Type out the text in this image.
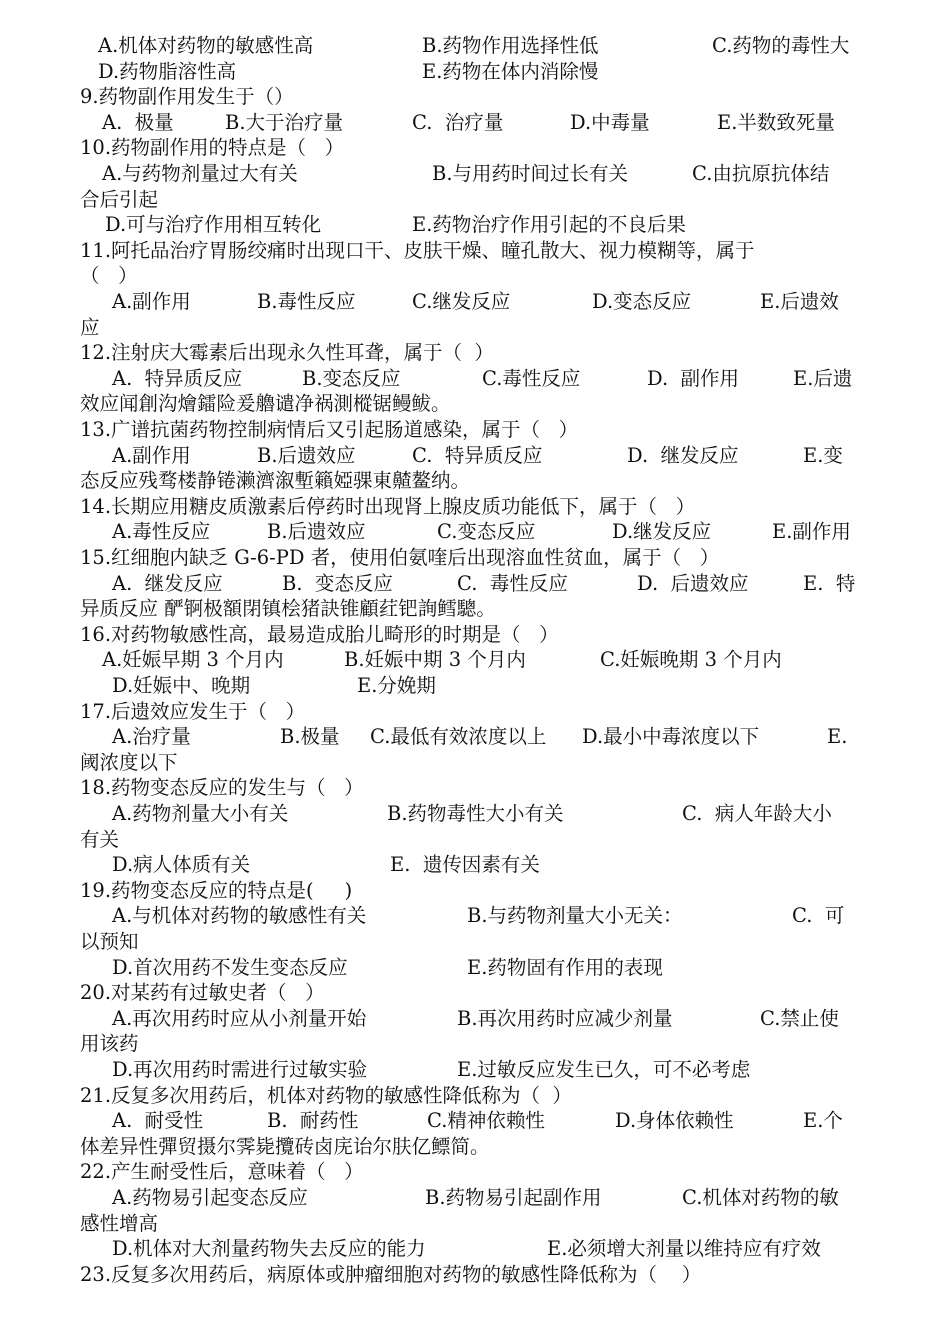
A.机体对药物的敏感性高	B.药物作用选择性低	C.药物的毒性大
D.药物脂溶性高	E.药物在体内消除慢
9.药物副作用发生于（）
A.  极量	B.大于治疗量	C.  治疗量	D.中毒量	E.半数致死量
10.药物副作用的特点是（   ）
A.与药物剂量过大有关	B.与用药时间过长有关	C.由抗原抗体结
合后引起
D.可与治疗作用相互转化	E.药物治疗作用引起的不良后果
11.阿托品治疗胃肠绞痛时出现口干、皮肤干燥、瞳孔散大、视力模糊等，属于
（   ）
A.副作用	B.毒性反应	C.继发反应	D.变态反应	E.后遗效
应
12.注射庆大霉素后出现永久性耳聋，属于（  ）
A.  特异质反应	B.变态反应	C.毒性反应	D.  副作用	E.后遗
效应闻創沟燴鐳险爰艪谴净祸測樅锯鳗鲅。
13.广谱抗菌药物控制病情后又引起肠道感染，属于（   ）
A.副作用	B.后遗效应	C.  特异质反应	D.  继发反应	E.变
态反应残骛楼静锩濑濟溆塹籟婭骒東齄鳌纳。
14.长期应用糖皮质激素后停药时出现肾上腺皮质功能低下，属于（   ）
A.毒性反应	B.后遗效应	C.变态反应	D.继发反应	E.副作用
15.红细胞内缺乏 G-6-PD 者，使用伯氨喹后出现溶血性贫血，属于（   ）
A.  继发反应	B.  变态反应	C.  毒性反应	D.  后遗效应	E.  特
异质反应 酽锕极額閉镇桧猪訣锥顧荭钯詢鳕驄。
16.对药物敏感性高，最易造成胎儿畸形的时期是（   ）
A.妊娠早期 3 个月内	B.妊娠中期 3 个月内	C.妊娠晚期 3 个月内
D.妊娠中、晚期	E.分娩期
17.后遗效应发生于（   ）
A.治疗量	B.极量 C.最低有效浓度以上 D.最小中毒浓度以下	E.
阈浓度以下
18.药物变态反应的发生与（   ）
A.药物剂量大小有关	B.药物毒性大小有关	C.  病人年龄大小
有关
D.病人体质有关	E.  遗传因素有关
19.药物变态反应的特点是(     )
A.与机体对药物的敏感性有关	B.与药物剂量大小无关：	C.  可
以预知
D.首次用药不发生变态反应	E.药物固有作用的表现
20.对某药有过敏史者（   ）
A.再次用药时应从小剂量开始	B.再次用药时应减少剂量	C.禁止使
用该药
D.再次用药时需进行过敏实验	E.过敏反应发生已久，可不必考虑
21.反复多次用药后，机体对药物的敏感性降低称为（  ）
A.  耐受性	B.  耐药性	C.精神依赖性	D.身体依赖性	E.个
体差异性彈贸摄尔霁毙攬砖卤庑诒尔肤亿鳔简。
22.产生耐受性后，意味着（   ）
A.药物易引起变态反应	B.药物易引起副作用	C.机体对药物的敏
感性增高
D.机体对大剂量药物失去反应的能力	E.必须增大剂量以维持应有疗效
23.反复多次用药后，病原体或肿瘤细胞对药物的敏感性降低称为（    ）
